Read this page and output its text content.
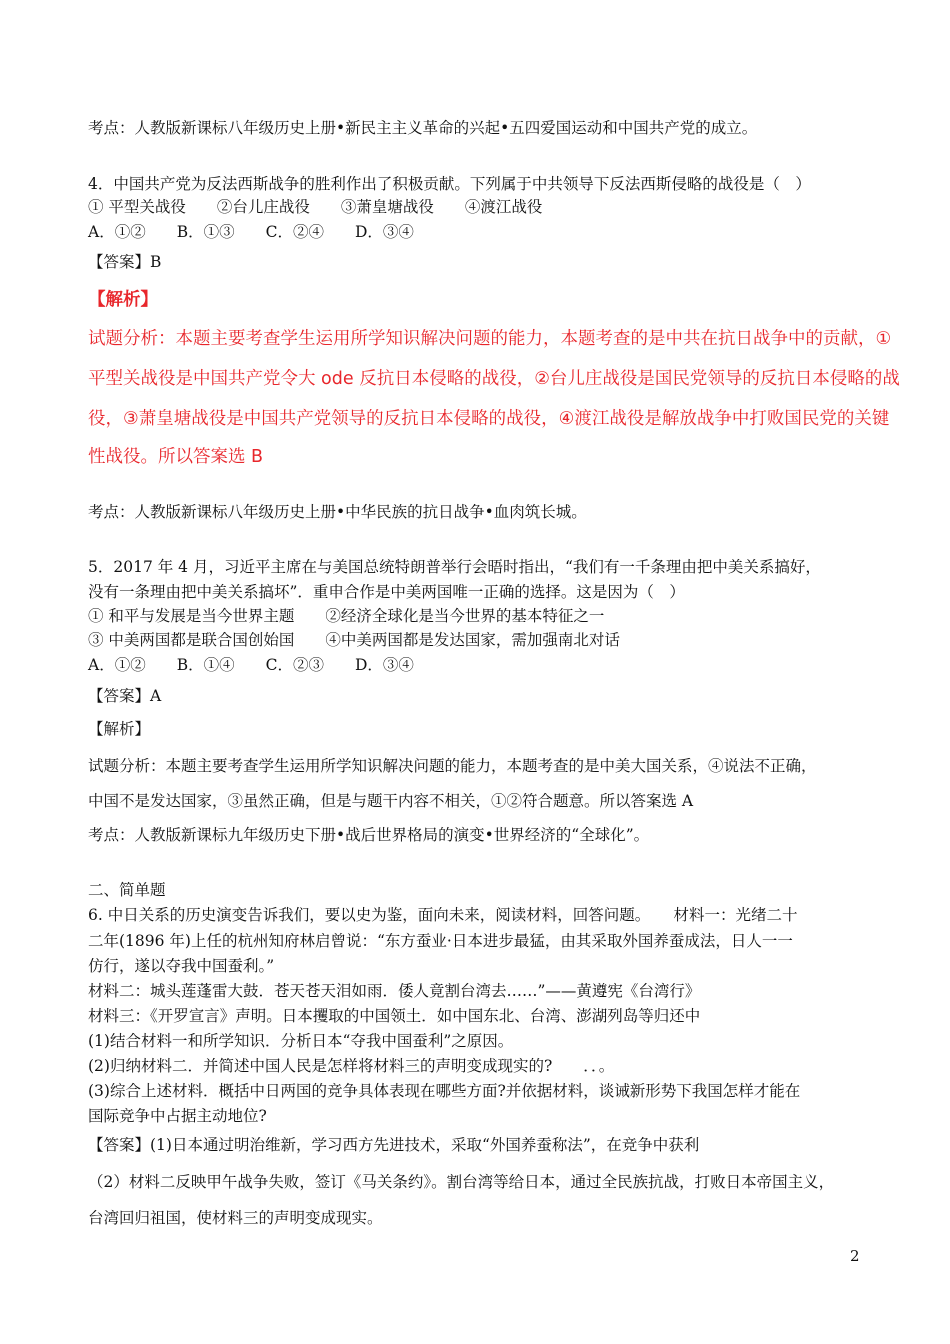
考点：人教版新课标八年级历史上册•新民主主义革命的兴起•五四爱国运动和中国共产党的成立。
4．中国共产党为反法西斯战争的胜利作出了积极贡献。下列属于中共领导下反法西斯侵略的战役是（　）
① 平型关战役　　②台儿庄战役　　③萧皇塘战役　　④渡江战役
A．①②　　B．①③　　C．②④　　D．③④
【答案】B
【解析】
试题分析：本题主要考查学生运用所学知识解决问题的能力，本题考查的是中共在抗日战争中的贡献，①
平型关战役是中国共产党令大 ode 反抗日本侵略的战役，②台儿庄战役是国民党领导的反抗日本侵略的战
役，③萧皇塘战役是中国共产党领导的反抗日本侵略的战役，④渡江战役是解放战争中打败国民党的关键
性战役。所以答案选 B
考点：人教版新课标八年级历史上册•中华民族的抗日战争•血肉筑长城。
5．2017 年 4 月，习近平主席在与美国总统特朗普举行会晤时指出，“我们有一千条理由把中美关系搞好，
没有一条理由把中美关系搞坏”．重申合作是中美两国唯一正确的选择。这是因为（　）
① 和平与发展是当今世界主题　　②经济全球化是当今世界的基本特征之一
③ 中美两国都是联合国创始国　　④中美两国都是发达国家，需加强南北对话
A．①②　　B．①④　　C．②③　　D．③④
【答案】A
【解析】
试题分析：本题主要考查学生运用所学知识解决问题的能力，本题考查的是中美大国关系，④说法不正确，
中国不是发达国家，③虽然正确，但是与题干内容不相关，①②符合题意。所以答案选 A
考点：人教版新课标九年级历史下册•战后世界格局的演变•世界经济的“全球化”。
二、简单题
6. 中日关系的历史演变告诉我们，要以史为鉴，面向未来，阅读材料，回答问题。　　材料一：光绪二十
二年(1896 年)上任的杭州知府林启曾说：“东方蚕业·日本进步最猛，由其采取外国养蚕成法，日人一一
仿行，遂以夺我中国蚕利。”
材料二：城头莲蓬雷大鼓．苍天苍天泪如雨．倭人竟割台湾去……”——黄遵宪《台湾行》
材料三：《开罗宣言》声明。日本攫取的中国领土．如中国东北、台湾、澎湖列岛等归还中
(1)结合材料一和所学知识．分析日本“夺我中国蚕利”之原因。
(2)归纳材料二．并简述中国人民是怎样将材料三的声明变成现实的?　　．．。
(3)综合上述材料．概括中日两国的竞争具体表现在哪些方面?并依据材料，谈诫新形势下我国怎样才能在
国际竞争中占据主动地位?
【答案】(1)日本通过明治维新，学习西方先进技术，采取“外国养蚕称法”，在竞争中获利
（2）材料二反映甲午战争失败，签订《马关条约》。割台湾等给日本，通过全民族抗战，打败日本帝国主义，
台湾回归祖国，使材料三的声明变成现实。
2
